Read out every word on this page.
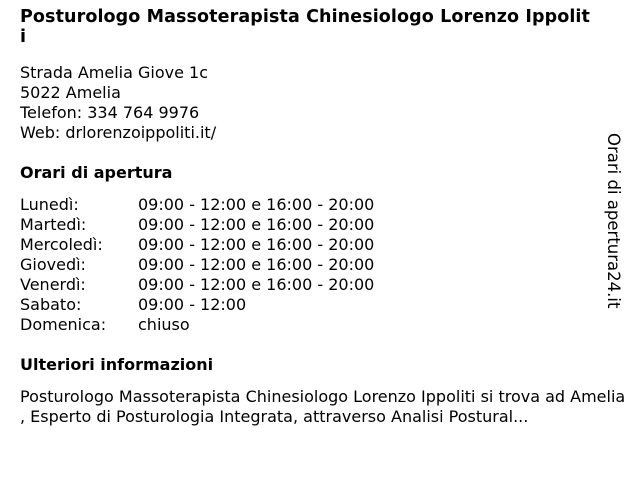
Posturologo Massoterapista Chinesiologo Lorenzo Ippoliti
Strada Amelia Giove 1c
5022 Amelia
Telefon: 334 764 9976
Web: drlorenzoippoliti.it/
Orari di apertura
Lunedì:	09:00 - 12:00 e 16:00 - 20:00
Martedì:	09:00 - 12:00 e 16:00 - 20:00
Mercoledì:	09:00 - 12:00 e 16:00 - 20:00
Giovedì:	09:00 - 12:00 e 16:00 - 20:00
Venerdì:	09:00 - 12:00 e 16:00 - 20:00
Sabato:	09:00 - 12:00
Domenica:	chiuso
Ulteriori informazioni
Posturologo Massoterapista Chinesiologo Lorenzo Ippoliti si trova ad Amelia , Esperto di Posturologia Integrata, attraverso Analisi Postural...
Orari di apertura24.it
